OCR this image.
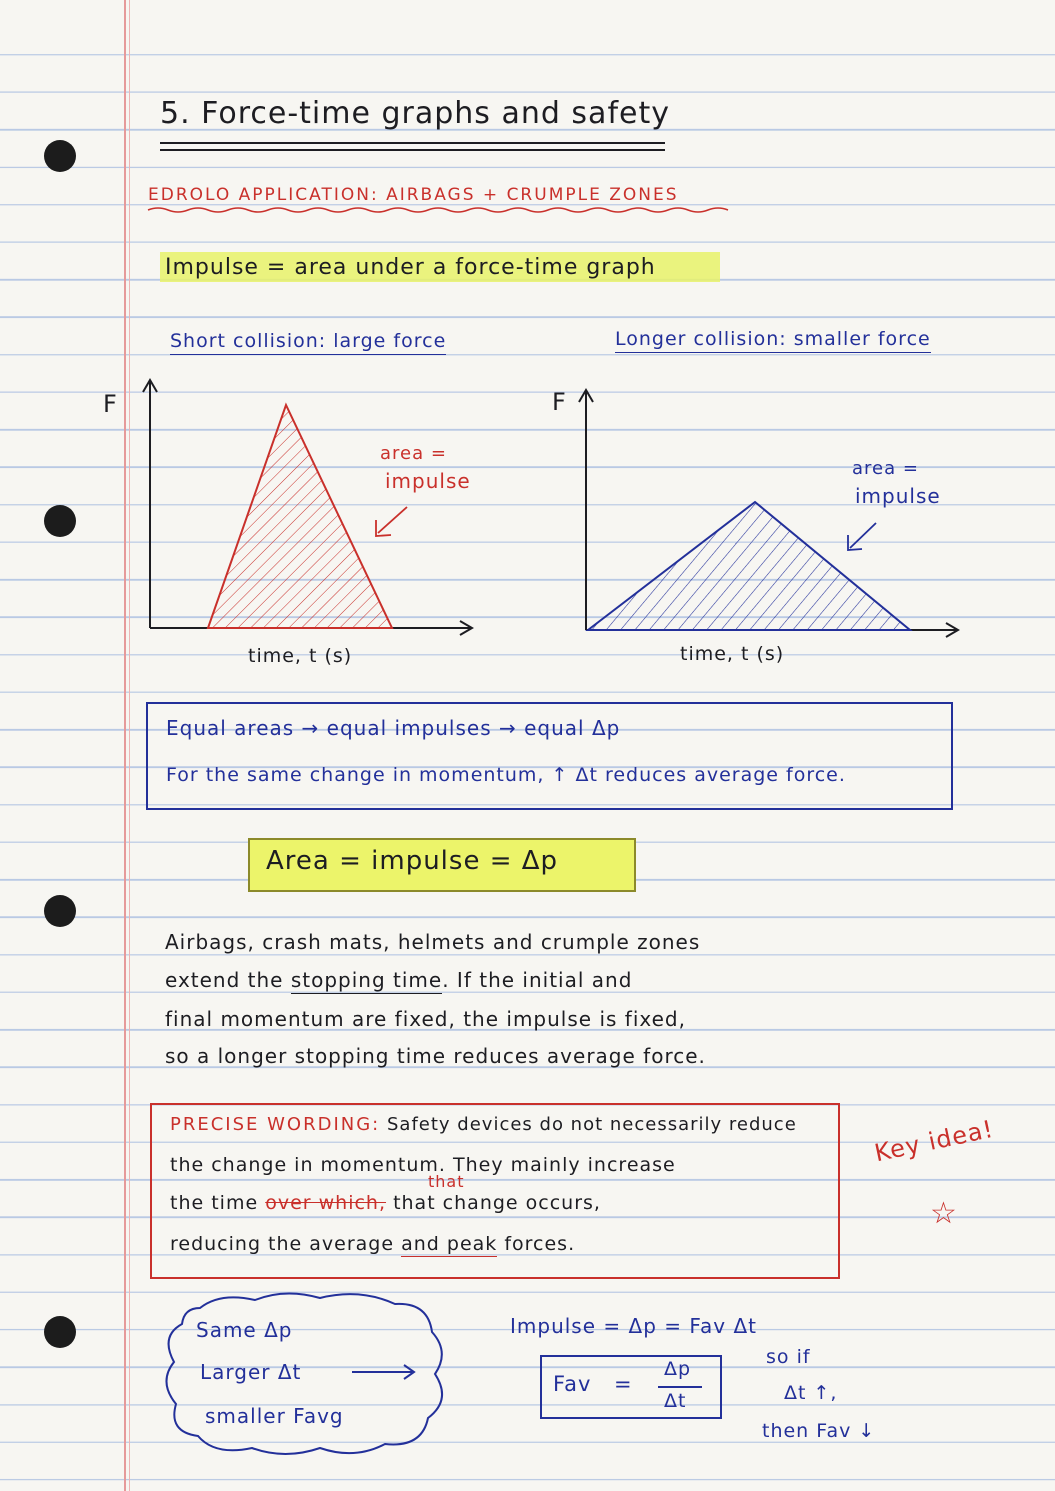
5. Force-time graphs and safety
EDROLO APPLICATION: AIRBAGS + CRUMPLE ZONES
Impulse = area under a force-time graph
Short collision: large force	Longer collision: smaller force
F
area =
impulse
time, t (s)
F
area =
impulse
time, t (s)
Equal areas → equal impulses → equal Δp
For the same change in momentum, ↑ Δt reduces average force.
Area = impulse = Δp
Airbags, crash mats, helmets and crumple zones
extend the stopping time. If the initial and
final momentum are fixed, the impulse is fixed,
so a longer stopping time reduces average force.
PRECISE WORDING: Safety devices do not necessarily reduce
the change in momentum. They mainly increase
the time over which, that change occurs,
that
reducing the average and peak forces.
Key idea!
☆
Same Δp
Larger Δt
smaller Favg
Impulse = Δp = Fav Δt
Fav =
Δp
Δt
so if
Δt ↑,
then Fav ↓
